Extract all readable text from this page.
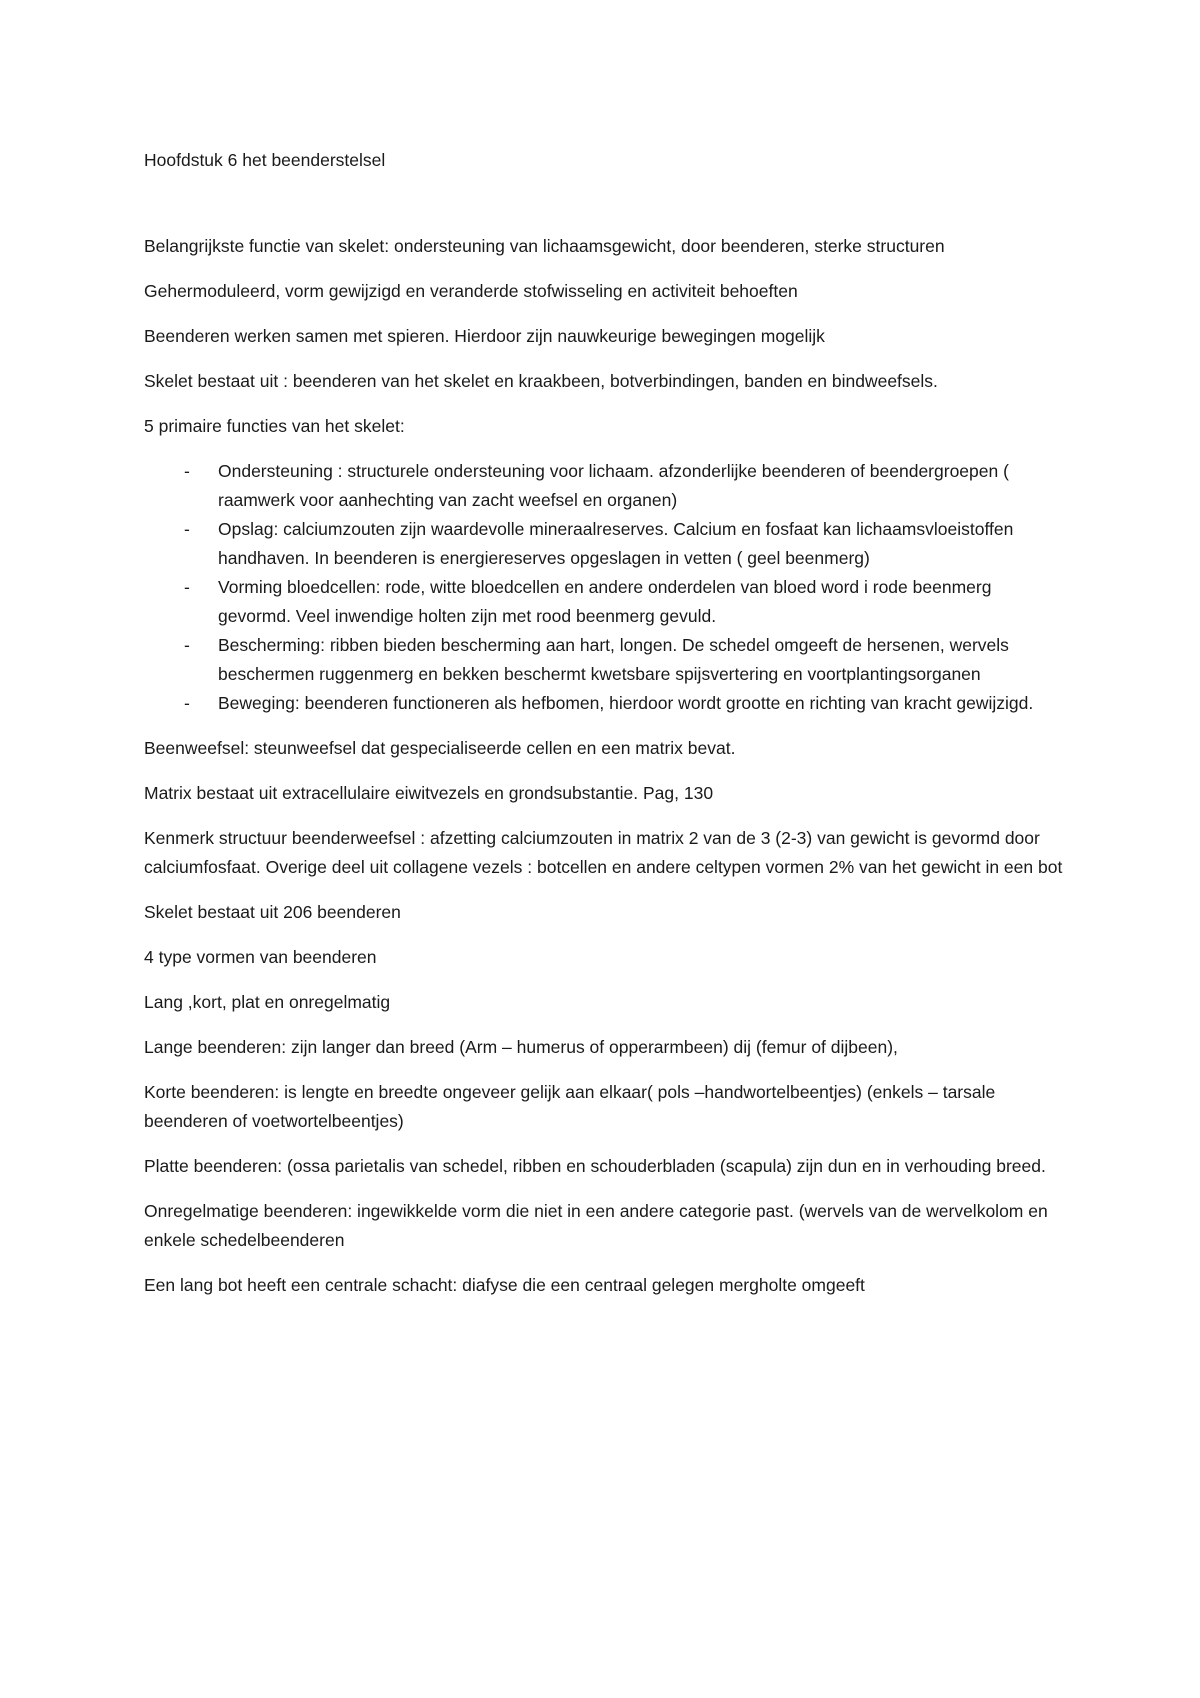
Hoofdstuk 6 het beenderstelsel

Belangrijkste functie van skelet: ondersteuning van lichaamsgewicht, door beenderen, sterke structuren

Gehermoduleerd, vorm gewijzigd en veranderde stofwisseling en activiteit behoeften

Beenderen werken samen met spieren. Hierdoor zijn nauwkeurige bewegingen mogelijk

Skelet bestaat uit : beenderen van het skelet en kraakbeen, botverbindingen, banden en bindweefsels.

5 primaire functies van het skelet:

- Ondersteuning : structurele ondersteuning voor lichaam. afzonderlijke beenderen of beendergroepen ( raamwerk voor aanhechting van zacht weefsel en organen)
- Opslag: calciumzouten zijn waardevolle mineraalreserves. Calcium en fosfaat kan lichaamsvloeistoffen handhaven. In beenderen is energiereserves opgeslagen in vetten ( geel beenmerg)
- Vorming bloedcellen: rode, witte bloedcellen en andere onderdelen van bloed word i rode beenmerg gevormd. Veel inwendige holten zijn met rood beenmerg gevuld.
- Bescherming: ribben bieden bescherming aan hart, longen. De schedel omgeeft de hersenen, wervels beschermen ruggenmerg en bekken beschermt kwetsbare spijsvertering en voortplantingsorganen
- Beweging: beenderen functioneren als hefbomen, hierdoor wordt grootte en richting van kracht gewijzigd.

Beenweefsel: steunweefsel dat gespecialiseerde cellen en een matrix bevat.

Matrix bestaat uit extracellulaire eiwitvezels en grondsubstantie. Pag, 130

Kenmerk structuur beenderweefsel : afzetting calciumzouten in matrix 2 van de 3 (2-3) van gewicht is gevormd door calciumfosfaat. Overige deel uit collagene vezels : botcellen en andere celtypen vormen 2% van het gewicht in een bot

Skelet bestaat uit 206 beenderen

4 type vormen van beenderen

Lang ,kort, plat en onregelmatig

Lange beenderen: zijn langer dan breed (Arm – humerus of opperarmbeen) dij (femur of dijbeen),

Korte beenderen: is lengte en breedte ongeveer gelijk aan elkaar( pols –handwortelbeentjes) (enkels – tarsale beenderen of voetwortelbeentjes)

Platte beenderen: (ossa parietalis van schedel, ribben en schouderbladen (scapula) zijn dun en in verhouding breed.

Onregelmatige beenderen: ingewikkelde vorm die niet in een andere categorie past. (wervels van de wervelkolom en enkele schedelbeenderen

Een lang bot heeft een centrale schacht: diafyse die een centraal gelegen mergholte omgeeft
